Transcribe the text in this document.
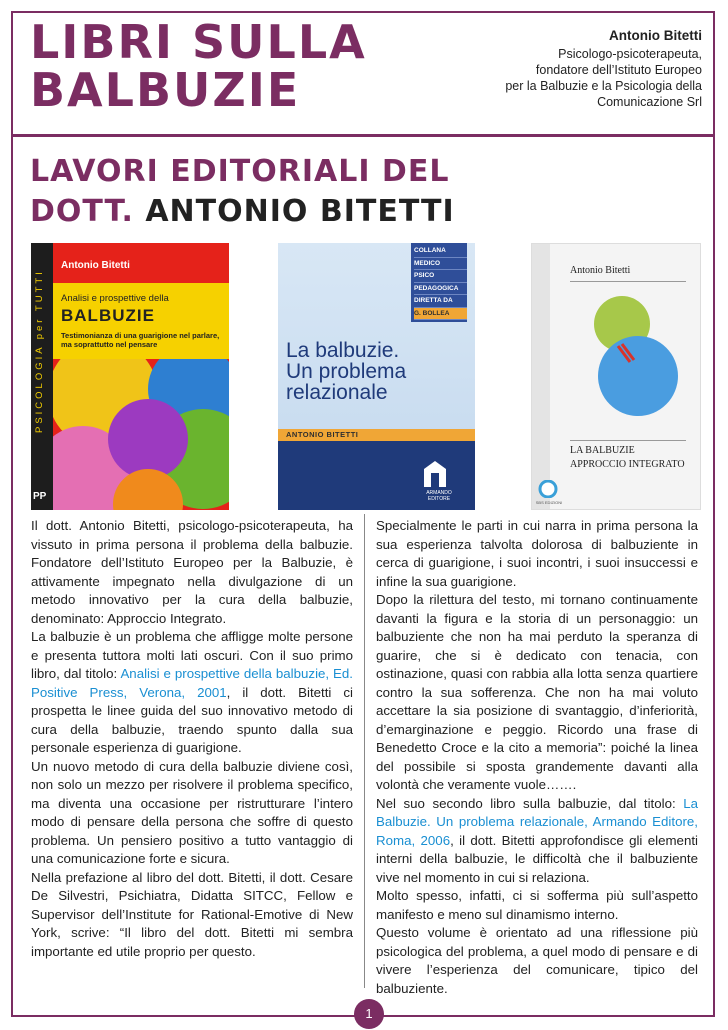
LIBRI SULLA
BALBUZIE
Antonio Bitetti
Psicologo-psicoterapeuta,
fondatore dell’Istituto Europeo
per la Balbuzie e la Psicologia della
Comunicazione Srl
LAVORI EDITORIALI DEL
DOTT. ANTONIO BITETTI
PSICOLOGIA per TUTTI
PP
Antonio Bitetti
Analisi e prospettive della
BALBUZIE
Testimonianza di una guarigione nel parlare, ma soprattutto nel pensare
COLLANA
MEDICO
PSICO
PEDAGOGICA
DIRETTA DA
G. BOLLEA
La balbuzie.
Un problema
relazionale
ANTONIO BITETTI
ARMANDO EDITORE
Antonio Bitetti
LA BALBUZIE
APPROCCIO INTEGRATO
SBS EDIZIONI

Il dott. Antonio Bitetti, psicologo-psicoterapeuta, ha vissuto in prima persona il problema della balbuzie. Fondatore dell’Istituto Europeo per la Balbuzie, è attivamente impegnato nella divulgazione di un metodo innovativo per la cura della balbuzie, denominato: Approccio Integrato.

La balbuzie è un problema che affligge molte persone e presenta tuttora molti lati oscuri. Con il suo primo libro, dal titolo: Analisi e prospettive della balbuzie, Ed. Positive Press, Verona, 2001, il dott. Bitetti ci prospetta le linee guida del suo innovativo metodo di cura della balbuzie, traendo spunto dalla sua personale esperienza di guarigione.

Un nuovo metodo di cura della balbuzie diviene così, non solo un mezzo per risolvere il problema specifico, ma diventa una occasione per ristrutturare l’intero modo di pensare della persona che soffre di questo problema. Un pensiero positivo a tutto vantaggio di una comunicazione forte e sicura.

Nella prefazione al libro del dott. Bitetti, il dott. Cesare De Silvestri, Psichiatra, Didatta SITCC, Fellow e Supervisor dell’Institute for Rational-Emotive di New York, scrive: “Il libro del dott. Bitetti mi sembra importante ed utile proprio per questo.

Specialmente le parti in cui narra in prima persona la sua esperienza talvolta dolorosa di balbuziente in cerca di guarigione, i suoi incontri, i suoi insuccessi e infine la sua guarigione.

Dopo la rilettura del testo, mi tornano continuamente davanti la figura e la storia di un personaggio: un balbuziente che non ha mai perduto la speranza di guarire, che si è dedicato con tenacia, con ostinazione, quasi con rabbia alla lotta senza quartiere contro la sua sofferenza. Che non ha mai voluto accettare la sia posizione di svantaggio, d’inferiorità, d’emarginazione e peggio. Ricordo una frase di Benedetto Croce e la cito a memoria”: poiché la linea del possibile si sposta grandemente davanti alla volontà che veramente vuole…….

Nel suo secondo libro sulla balbuzie, dal titolo: La Balbuzie. Un problema relazionale, Armando Editore, Roma, 2006, il dott. Bitetti approfondisce gli elementi interni della balbuzie, le difficoltà che il balbuziente vive nel momento in cui si relaziona.

Molto spesso, infatti, ci si sofferma più sull’aspetto manifesto e meno sul dinamismo interno.

Questo volume è orientato ad una riflessione più psicologica del problema, a quel modo di pensare e di vivere l’esperienza del comunicare, tipico del balbuziente.

1
